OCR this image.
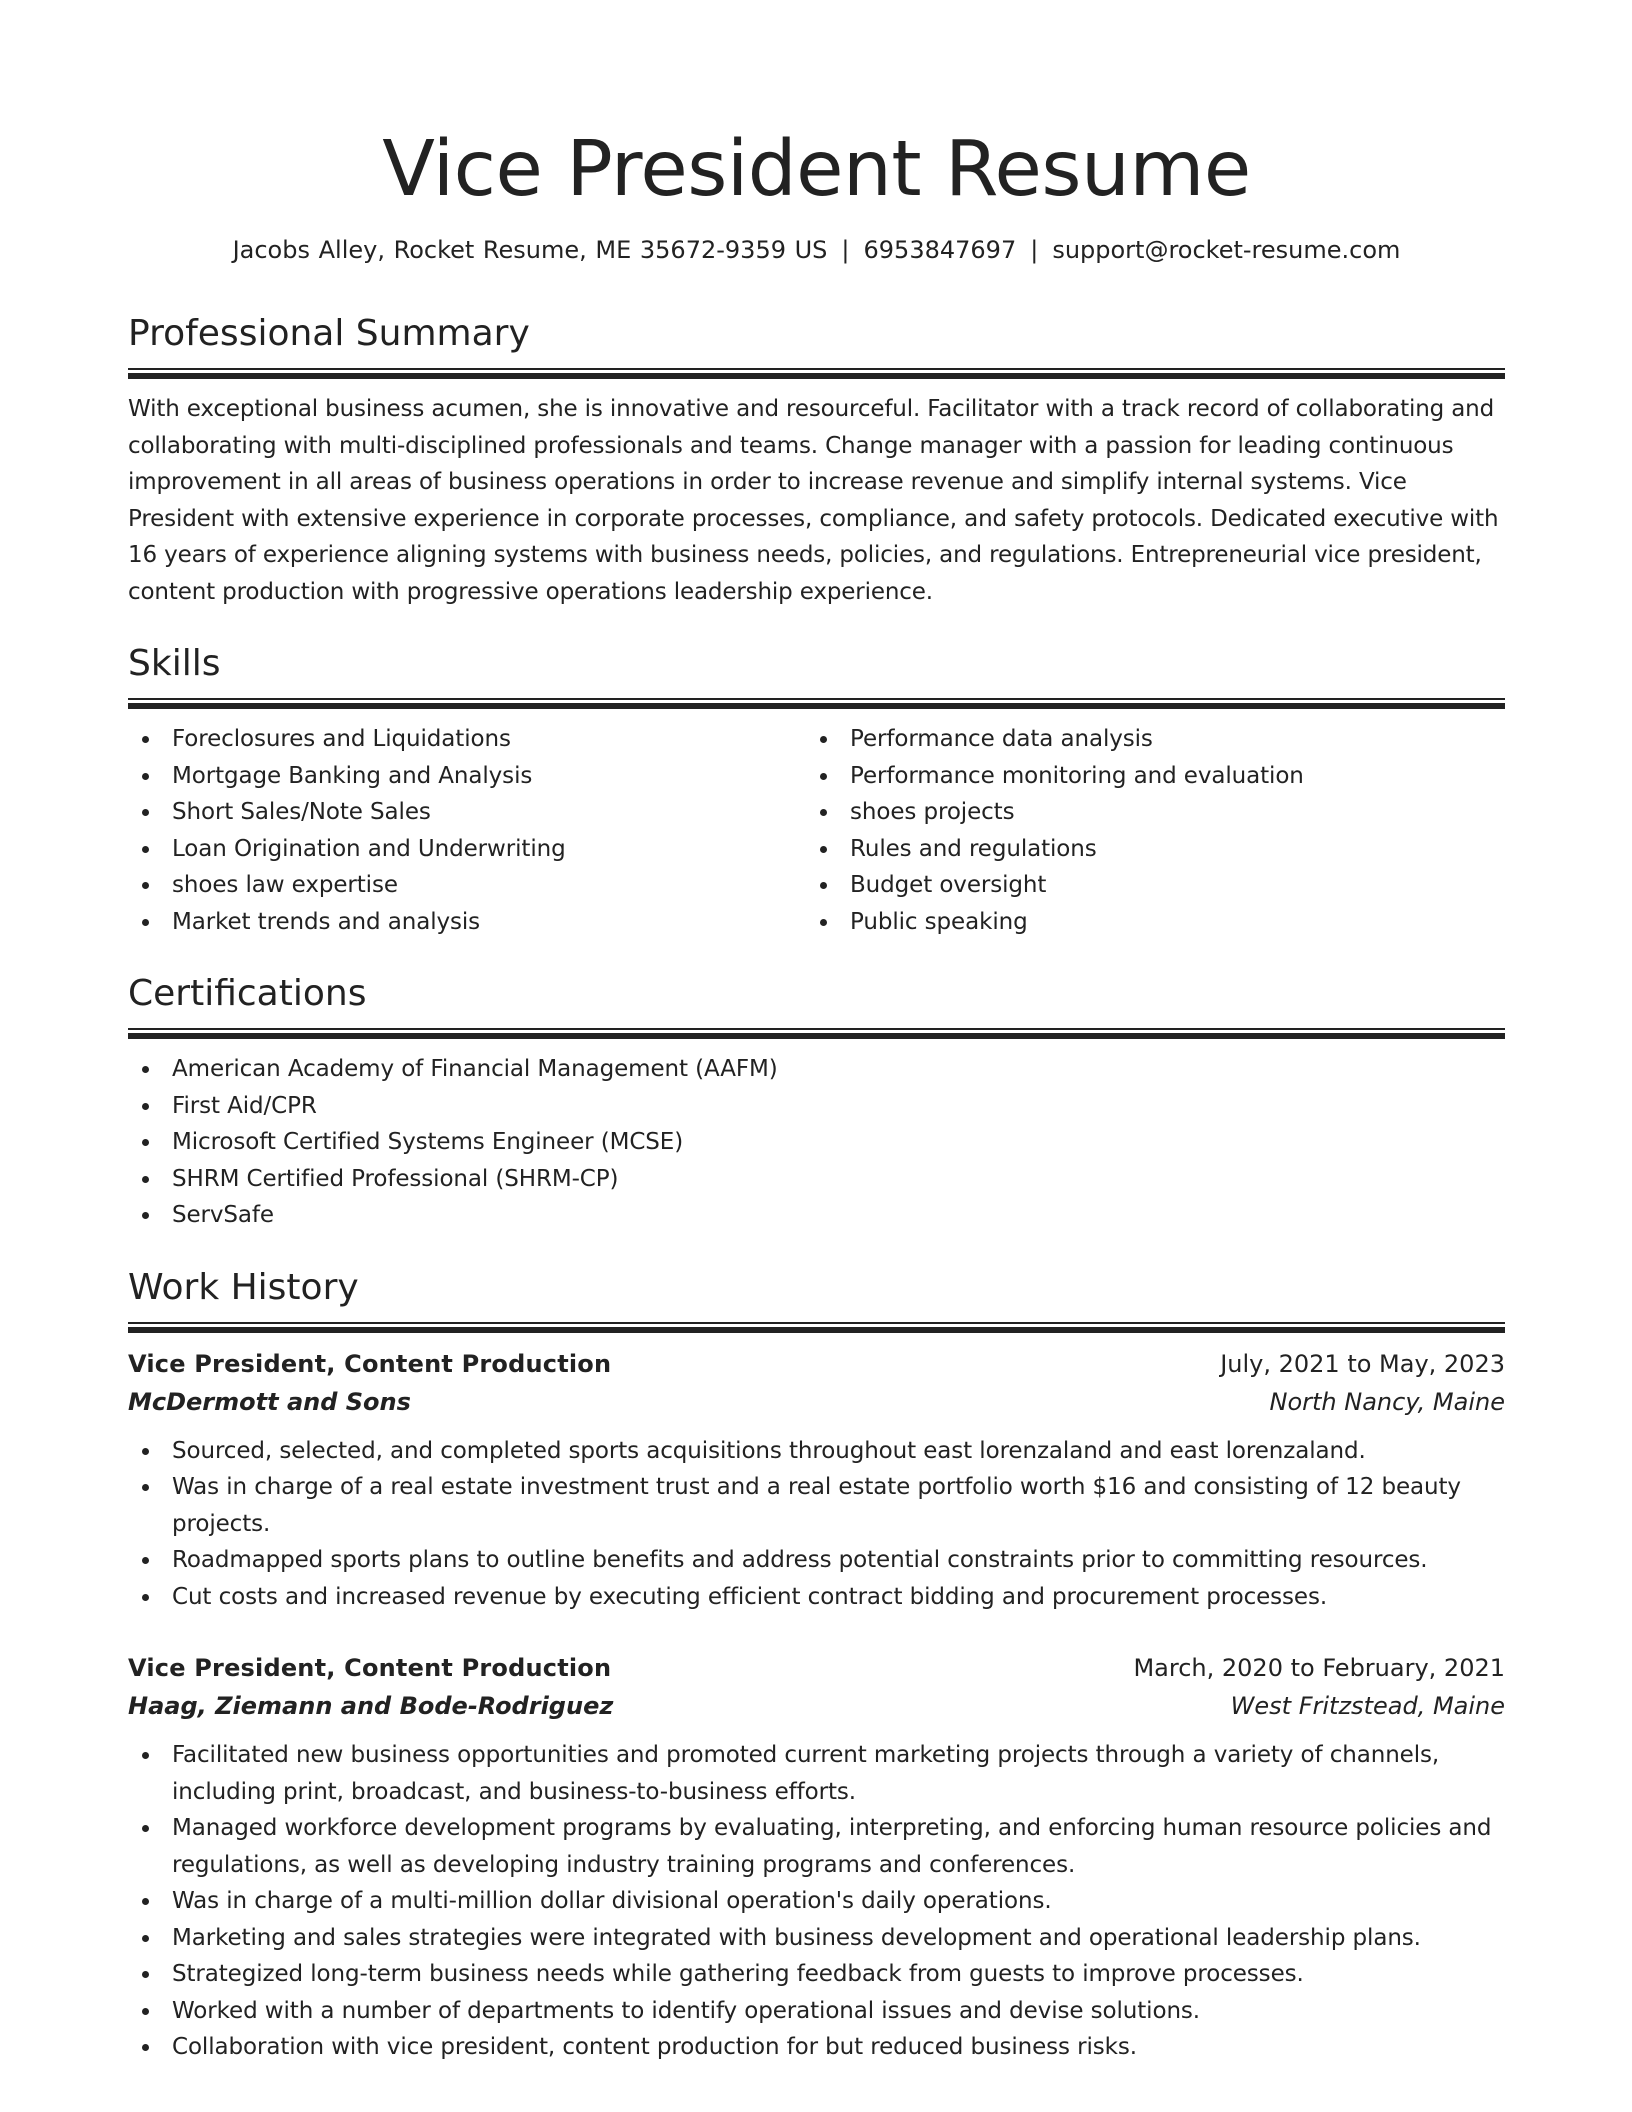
Vice President Resume
Jacobs Alley, Rocket Resume, ME 35672-9359 US | 6953847697 | support@rocket-resume.com
Professional Summary

With exceptional business acumen, she is innovative and resourceful. Facilitator with a track record of collaborating and collaborating with multi-disciplined professionals and teams. Change manager with a passion for leading continuous improvement in all areas of business operations in order to increase revenue and simplify internal systems. Vice President with extensive experience in corporate processes, compliance, and safety protocols. Dedicated executive with 16 years of experience aligning systems with business needs, policies, and regulations. Entrepreneurial vice president, content production with progressive operations leadership experience.

Skills
Foreclosures and Liquidations
Mortgage Banking and Analysis
Short Sales/Note Sales
Loan Origination and Underwriting
shoes law expertise
Market trends and analysis
Performance data analysis
Performance monitoring and evaluation
shoes projects
Rules and regulations
Budget oversight
Public speaking
Certifications
American Academy of Financial Management (AAFM)
First Aid/CPR
Microsoft Certified Systems Engineer (MCSE)
SHRM Certified Professional (SHRM-CP)
ServSafe
Work History
Vice President, Content Production	July, 2021 to May, 2023
McDermott and Sons	North Nancy, Maine
Sourced, selected, and completed sports acquisitions throughout east lorenzaland and east lorenzaland.
Was in charge of a real estate investment trust and a real estate portfolio worth $16 and consisting of 12 beauty projects.
Roadmapped sports plans to outline benefits and address potential constraints prior to committing resources.
Cut costs and increased revenue by executing efficient contract bidding and procurement processes.
Vice President, Content Production	March, 2020 to February, 2021
Haag, Ziemann and Bode-Rodriguez	West Fritzstead, Maine
Facilitated new business opportunities and promoted current marketing projects through a variety of channels, including print, broadcast, and business-to-business efforts.
Managed workforce development programs by evaluating, interpreting, and enforcing human resource policies and regulations, as well as developing industry training programs and conferences.
Was in charge of a multi-million dollar divisional operation's daily operations.
Marketing and sales strategies were integrated with business development and operational leadership plans.
Strategized long-term business needs while gathering feedback from guests to improve processes.
Worked with a number of departments to identify operational issues and devise solutions.
Collaboration with vice president, content production for but reduced business risks.
